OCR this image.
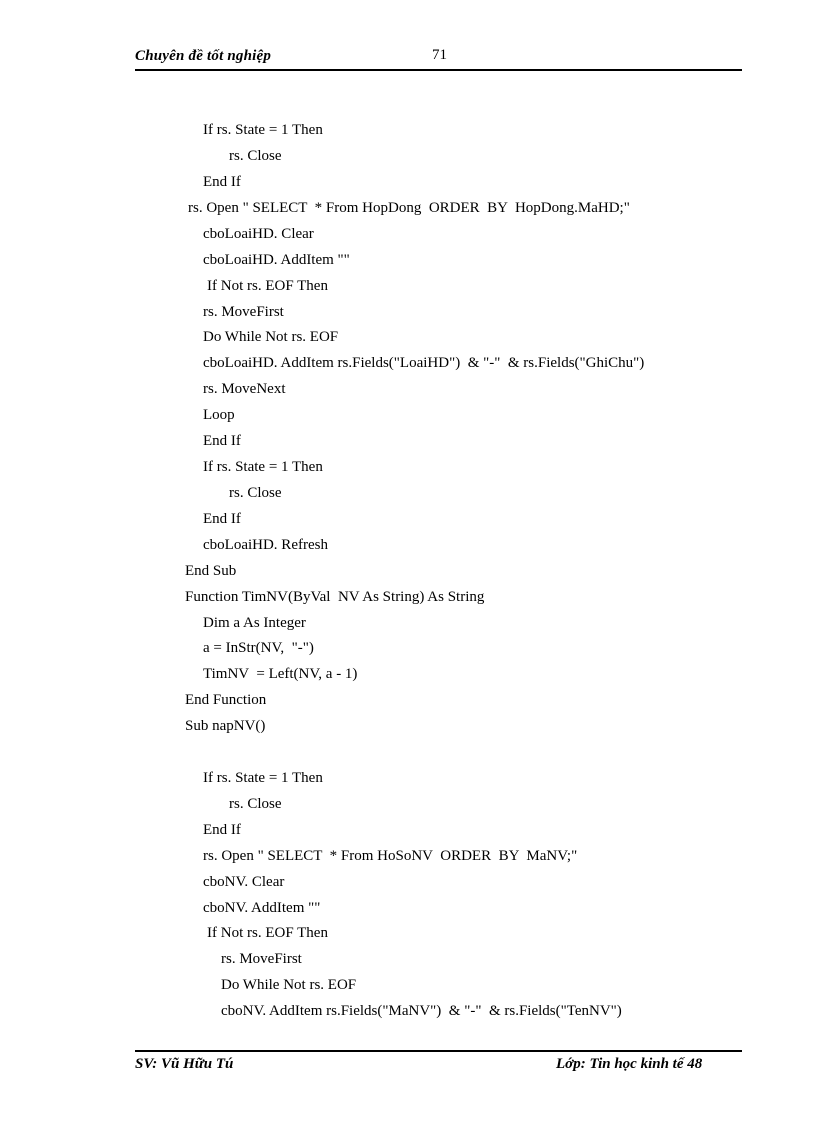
Chuyên đề tốt nghiệp	71
If rs. State = 1 Then
rs. Close
End If
rs. Open " SELECT  * From HopDong  ORDER  BY  HopDong.MaHD;"
cboLoaiHD. Clear
cboLoaiHD. AddItem ""
If Not rs. EOF Then
rs. MoveFirst
Do While Not rs. EOF
cboLoaiHD. AddItem rs.Fields("LoaiHD")  & "-"  & rs.Fields("GhiChu")
rs. MoveNext
Loop
End If
If rs. State = 1 Then
rs. Close
End If
cboLoaiHD. Refresh
End Sub
Function TimNV(ByVal  NV As String) As String
Dim a As Integer
a = InStr(NV,  "-")
TimNV  = Left(NV, a - 1)
End Function
Sub napNV()
If rs. State = 1 Then
rs. Close
End If
rs. Open " SELECT  * From HoSoNV  ORDER  BY  MaNV;"
cboNV. Clear
cboNV. AddItem ""
If Not rs. EOF Then
rs. MoveFirst
Do While Not rs. EOF
cboNV. AddItem rs.Fields("MaNV")  & "-"  & rs.Fields("TenNV")
SV: Vũ Hữu Tú	Lớp: Tin học kinh tế 48
